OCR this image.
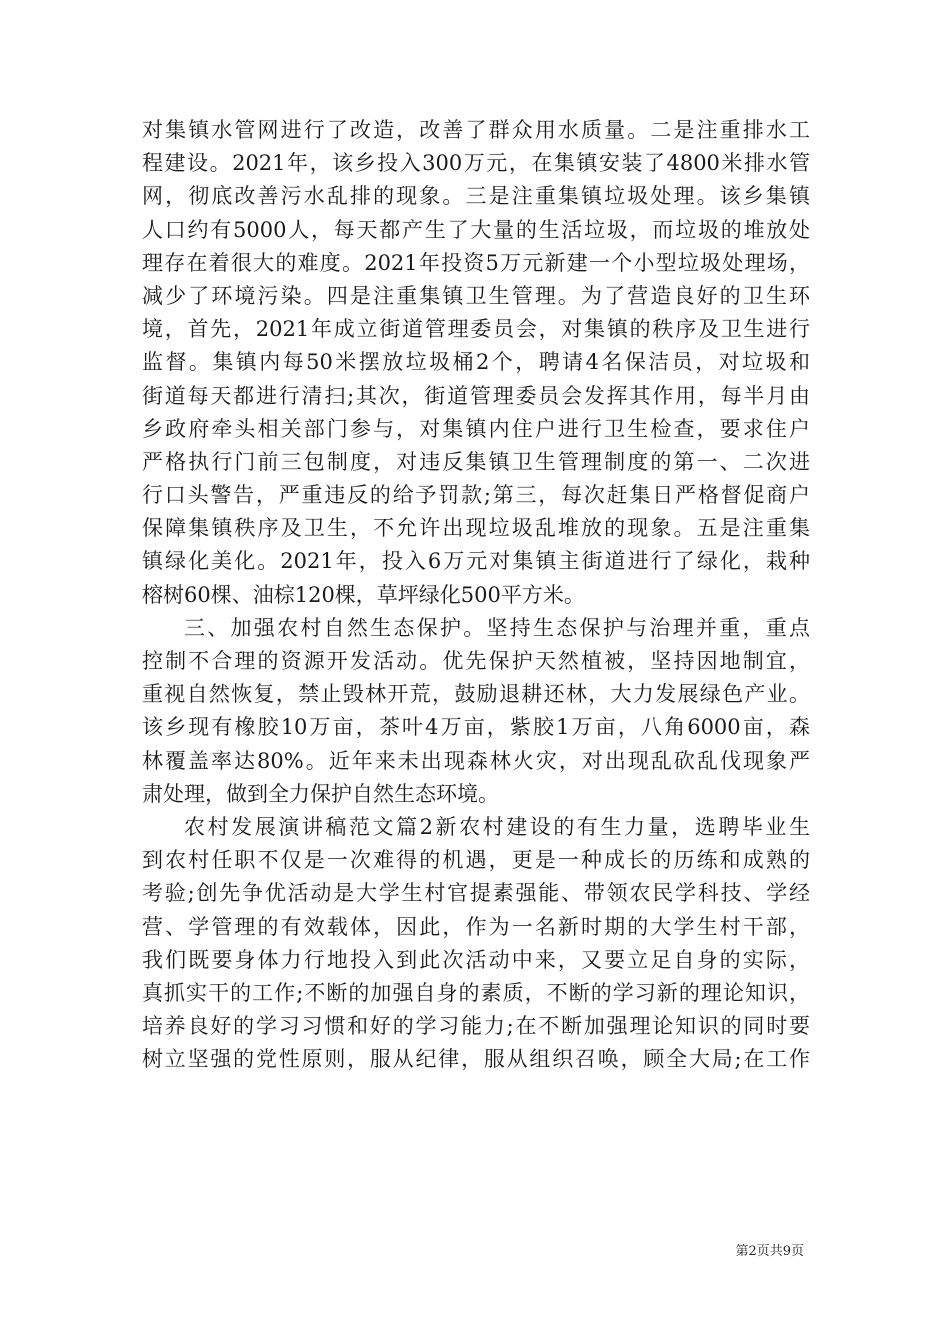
对集镇水管网进行了改造，改善了群众用水质量。二是注重排水工
程建设。2021年，该乡投入300万元，在集镇安装了4800米排水管
网，彻底改善污水乱排的现象。三是注重集镇垃圾处理。该乡集镇
人口约有5000人，每天都产生了大量的生活垃圾，而垃圾的堆放处
理存在着很大的难度。2021年投资5万元新建一个小型垃圾处理场，
减少了环境污染。四是注重集镇卫生管理。为了营造良好的卫生环
境，首先，2021年成立街道管理委员会，对集镇的秩序及卫生进行
监督。集镇内每50米摆放垃圾桶2个，聘请4名保洁员，对垃圾和
街道每天都进行清扫;其次，街道管理委员会发挥其作用，每半月由
乡政府牵头相关部门参与，对集镇内住户进行卫生检查，要求住户
严格执行门前三包制度，对违反集镇卫生管理制度的第一、二次进
行口头警告，严重违反的给予罚款;第三，每次赶集日严格督促商户
保障集镇秩序及卫生，不允许出现垃圾乱堆放的现象。五是注重集
镇绿化美化。2021年，投入6万元对集镇主街道进行了绿化，栽种
榕树60棵、油棕120棵，草坪绿化500平方米。
三、加强农村自然生态保护。坚持生态保护与治理并重，重点
控制不合理的资源开发活动。优先保护天然植被，坚持因地制宜，
重视自然恢复，禁止毁林开荒，鼓励退耕还林，大力发展绿色产业。
该乡现有橡胶10万亩，茶叶4万亩，紫胶1万亩，八角6000亩，森
林覆盖率达80%。近年来未出现森林火灾，对出现乱砍乱伐现象严
肃处理，做到全力保护自然生态环境。
农村发展演讲稿范文篇2新农村建设的有生力量，选聘毕业生
到农村任职不仅是一次难得的机遇，更是一种成长的历练和成熟的
考验;创先争优活动是大学生村官提素强能、带领农民学科技、学经
营、学管理的有效载体，因此，作为一名新时期的大学生村干部，
我们既要身体力行地投入到此次活动中来，又要立足自身的实际，
真抓实干的工作;不断的加强自身的素质，不断的学习新的理论知识，
培养良好的学习习惯和好的学习能力;在不断加强理论知识的同时要
树立坚强的党性原则，服从纪律，服从组织召唤，顾全大局;在工作
第2页共9页
